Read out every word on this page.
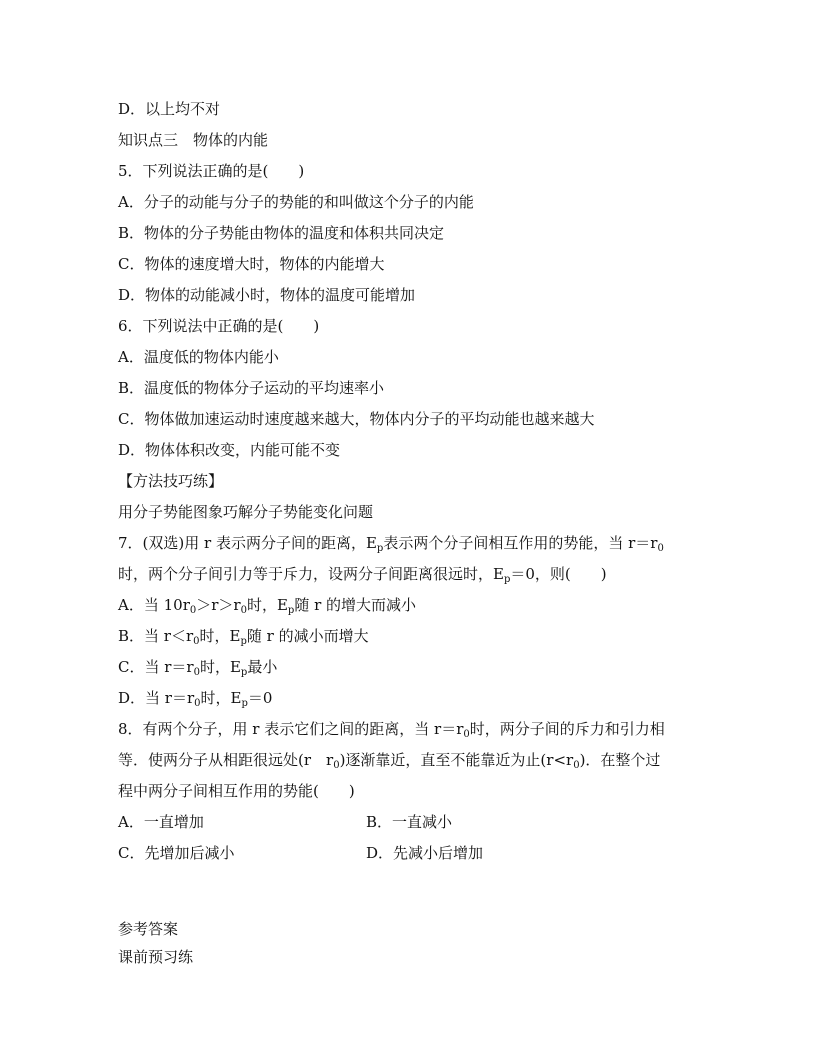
D．以上均不对
知识点三　物体的内能
5．下列说法正确的是(　　)
A．分子的动能与分子的势能的和叫做这个分子的内能
B．物体的分子势能由物体的温度和体积共同决定
C．物体的速度增大时，物体的内能增大
D．物体的动能减小时，物体的温度可能增加
6．下列说法中正确的是(　　)
A．温度低的物体内能小
B．温度低的物体分子运动的平均速率小
C．物体做加速运动时速度越来越大，物体内分子的平均动能也越来越大
D．物体体积改变，内能可能不变
【方法技巧练】
用分子势能图象巧解分子势能变化问题
7．(双选)用 r 表示两分子间的距离，$E_p$表示两个分子间相互作用的势能，当 $r=r_0$
时，两个分子间引力等于斥力，设两分子间距离很远时，$E_p=0$，则(　　)
A．当 $10r_0>r>r_0$时，$E_p$随 r 的增大而减小
B．当 $r<r_0$时，$E_p$随 r 的减小而增大
C．当 $r=r_0$时，$E_p$最小
D．当 $r=r_0$时，$E_p=0$
8．有两个分子，用 r 表示它们之间的距离，当 $r=r_0$时，两分子间的斥力和引力相
等．使两分子从相距很远处(r　$r_0$)逐渐靠近，直至不能靠近为止$(r<r_0)$．在整个过
程中两分子间相互作用的势能(　　)
A．一直增加	B．一直减小
C．先增加后减小	D．先减小后增加
参考答案
课前预习练
